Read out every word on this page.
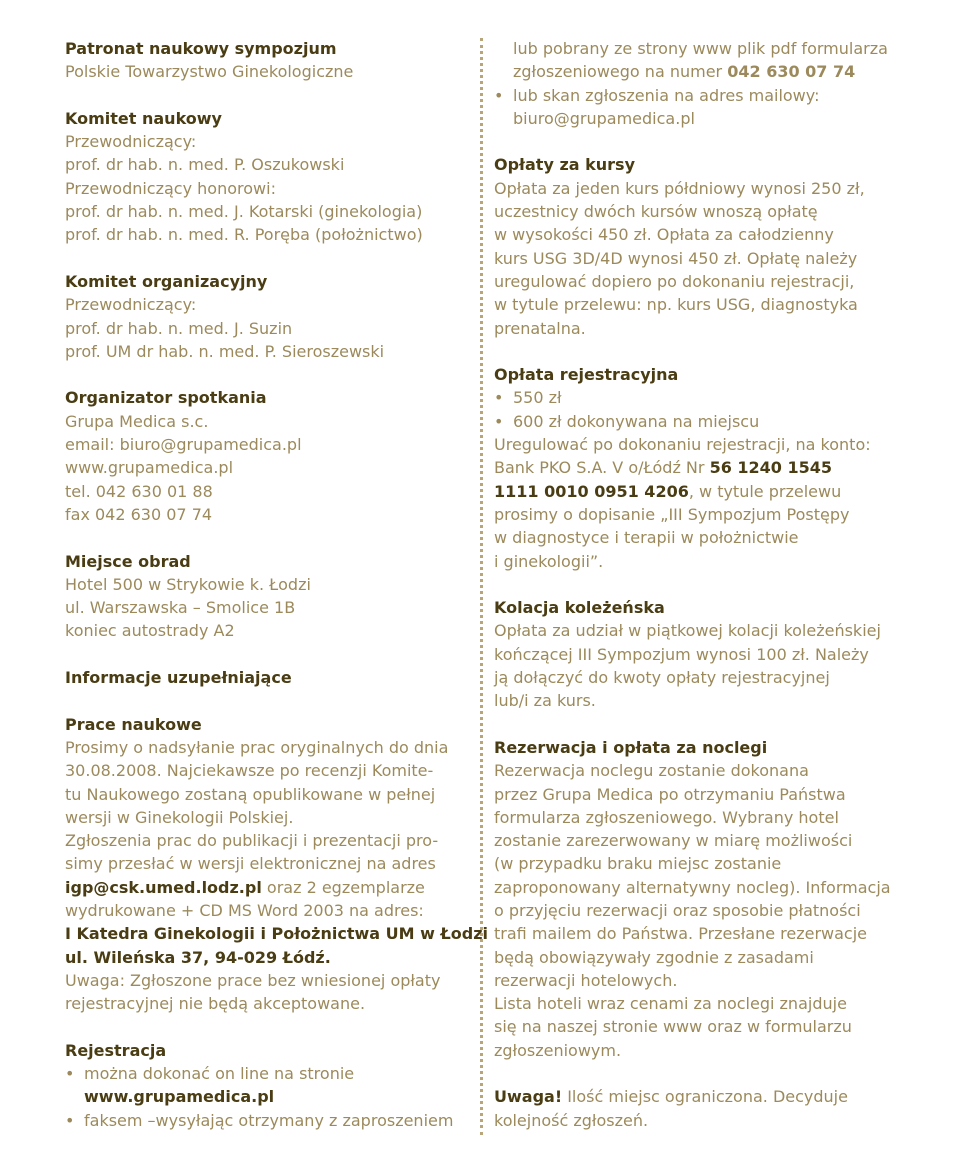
Patronat naukowy sympozjum
Polskie Towarzystwo Ginekologiczne
Komitet naukowy
Przewodniczący:
prof. dr hab. n. med. P. Oszukowski
Przewodniczący honorowi:
prof. dr hab. n. med. J. Kotarski (ginekologia)
prof. dr hab. n. med. R. Poręba (położnictwo)
Komitet organizacyjny
Przewodniczący:
prof. dr hab. n. med. J. Suzin
prof. UM dr hab. n. med. P. Sieroszewski
Organizator spotkania
Grupa Medica s.c.
email: biuro@grupamedica.pl
www.grupamedica.pl
tel. 042 630 01 88
fax 042 630 07 74
Miejsce obrad
Hotel 500 w Strykowie k. Łodzi
ul. Warszawska – Smolice 1B
koniec autostrady A2
Informacje uzupełniające
Prace naukowe
Prosimy o nadsyłanie prac oryginalnych do dnia
30.08.2008. Najciekawsze po recenzji Komite-
tu Naukowego zostaną opublikowane w pełnej
wersji w Ginekologii Polskiej.
Zgłoszenia prac do publikacji i prezentacji pro-
simy przesłać w wersji elektronicznej na adres
igp@csk.umed.lodz.pl oraz 2 egzemplarze
wydrukowane + CD MS Word 2003 na adres:
I Katedra Ginekologii i Położnictwa UM w Łodzi
ul. Wileńska 37, 94-029 Łódź.
Uwaga: Zgłoszone prace bez wniesionej opłaty
rejestracyjnej nie będą akceptowane.
Rejestracja
• można dokonać on line na stronie
www.grupamedica.pl
• faksem –wysyłając otrzymany z zaproszeniem
lub pobrany ze strony www plik pdf formularza
zgłoszeniowego na numer 042 630 07 74
• lub skan zgłoszenia na adres mailowy:
biuro@grupamedica.pl
Opłaty za kursy
Opłata za jeden kurs półdniowy wynosi 250 zł,
uczestnicy dwóch kursów wnoszą opłatę
w wysokości 450 zł. Opłata za całodzienny
kurs USG 3D/4D wynosi 450 zł. Opłatę należy
uregulować dopiero po dokonaniu rejestracji,
w tytule przelewu: np. kurs USG, diagnostyka
prenatalna.
Opłata rejestracyjna
• 550 zł
• 600 zł dokonywana na miejscu
Uregulować po dokonaniu rejestracji, na konto:
Bank PKO S.A. V o/Łódź Nr 56 1240 1545
1111 0010 0951 4206, w tytule przelewu
prosimy o dopisanie „III Sympozjum Postępy
w diagnostyce i terapii w położnictwie
i ginekologii”.
Kolacja koleżeńska
Opłata za udział w piątkowej kolacji koleżeńskiej
kończącej III Sympozjum wynosi 100 zł. Należy
ją dołączyć do kwoty opłaty rejestracyjnej
lub/i za kurs.
Rezerwacja i opłata za noclegi
Rezerwacja noclegu zostanie dokonana
przez Grupa Medica po otrzymaniu Państwa
formularza zgłoszeniowego. Wybrany hotel
zostanie zarezerwowany w miarę możliwości
(w przypadku braku miejsc zostanie
zaproponowany alternatywny nocleg). Informacja
o przyjęciu rezerwacji oraz sposobie płatności
trafi mailem do Państwa. Przesłane rezerwacje
będą obowiązywały zgodnie z zasadami
rezerwacji hotelowych.
Lista hoteli wraz cenami za noclegi znajduje
się na naszej stronie www oraz w formularzu
zgłoszeniowym.
Uwaga! Ilość miejsc ograniczona. Decyduje
kolejność zgłoszeń.
